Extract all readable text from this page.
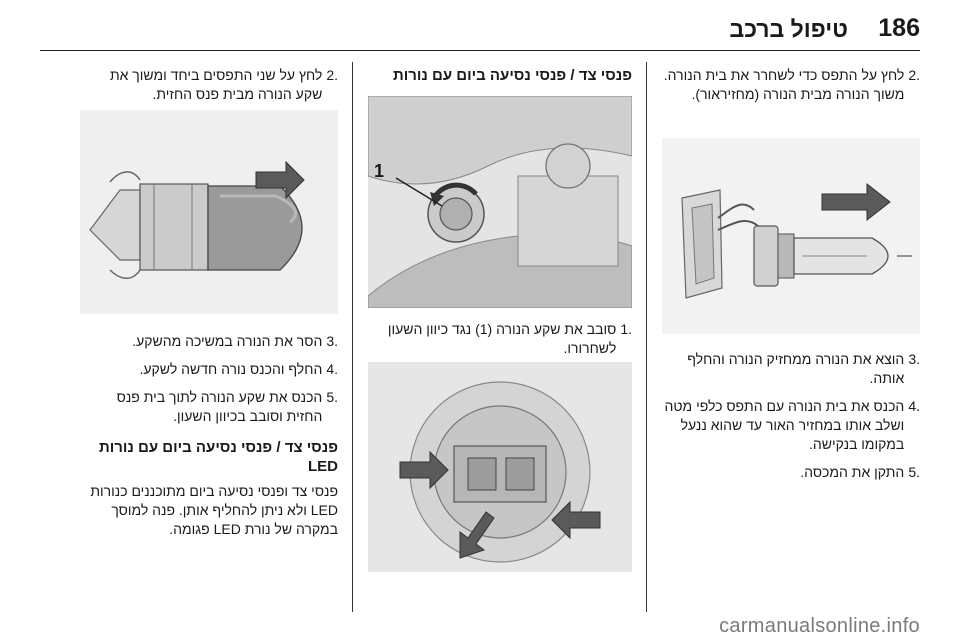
186
טיפול ברכב
.2
לחץ על התפס כדי לשחרר את בית הנורה. משוך הנורה מבית הנורה (מחזיראור).
.3
הוצא את הנורה ממחזיק הנורה והחלף אותה.
.4
הכנס את בית הנורה עם התפס כלפי מטה ושלב אותו במחזיר האור עד שהוא ננעל במקומו בנקישה.
.5
התקן את המכסה.
פנסי צד / פנסי נסיעה ביום עם נורות
1
.1
סובב את שקע הנורה (1) נגד כיוון השעון לשחרורו.
.2
לחץ על שני התפסים ביחד ומשוך את שקע הנורה מבית פנס החזית.
.3
הסר את הנורה במשיכה מהשקע.
.4
החלף והכנס נורה חדשה לשקע.
.5
הכנס את שקע הנורה לתוך בית פנס החזית וסובב בכיוון השעון.
פנסי צד / פנסי נסיעה ביום עם נורות LED

פנסי צד ופנסי נסיעה ביום מתוכננים כנורות LED ולא ניתן להחליף אותן. פנה למוסך במקרה של נורת LED פגומה.

carmanualsonline.info
